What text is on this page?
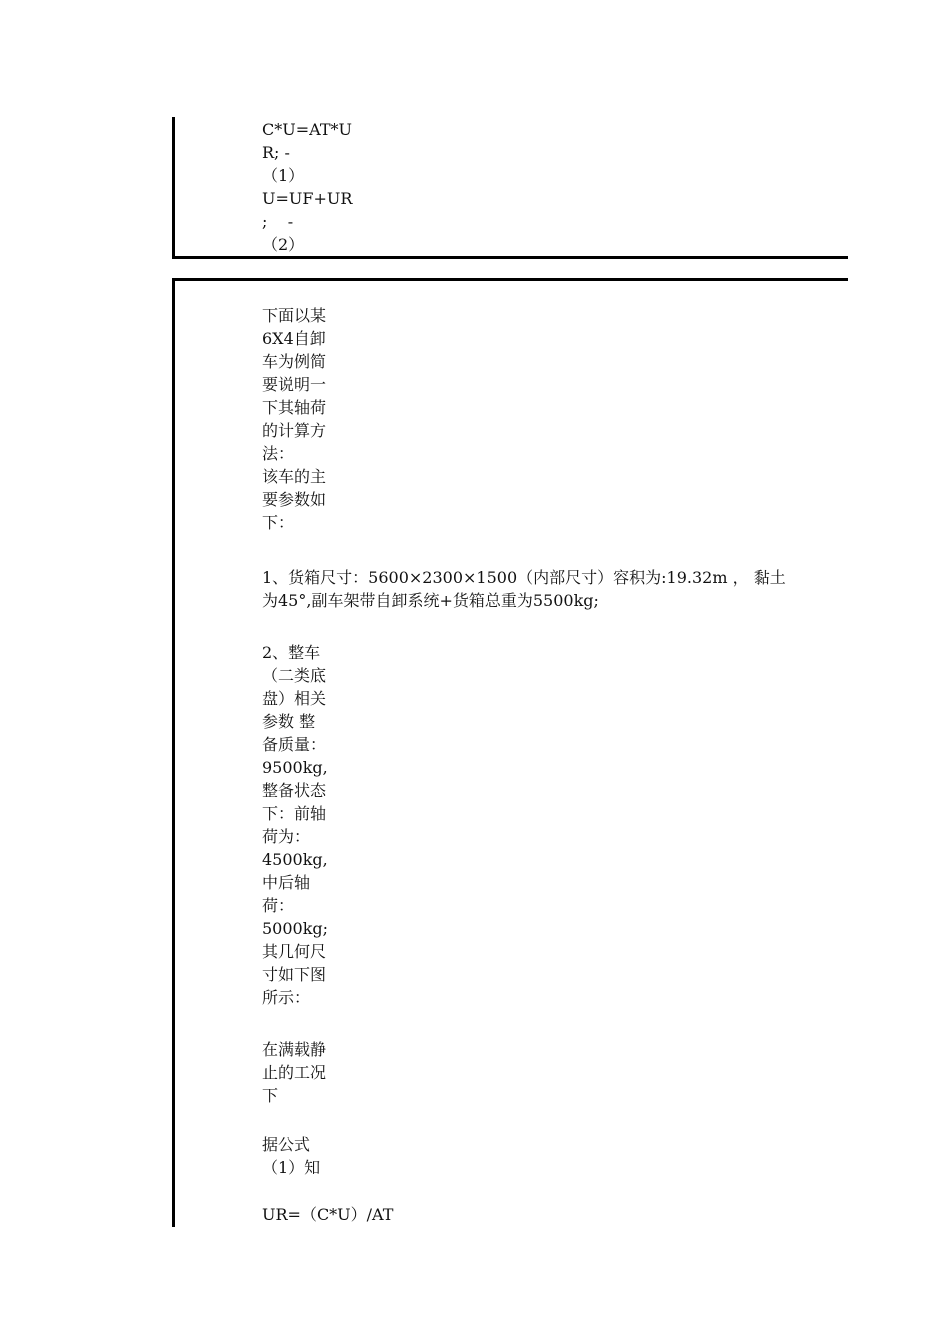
C*U=AT*U

R; -

（1）

U=UF+UR

;    -

（2）

下面以某

6X4自卸

车为例简

要说明一

下其轴荷

的计算方

法：

该车的主

要参数如

下：

1、货箱尺寸：5600×2300×1500（内部尺寸）容积为:19.32m ， 黏土

为45°,副车架带自卸系统+货箱总重为5500kg;

2、整车

（二类底

盘）相关

参数 整

备质量：

9500kg,

整备状态

下：前轴

荷为：

4500kg,

中后轴

荷：

5000kg;

其几何尺

寸如下图

所示：

在满载静

止的工况

下

据公式

（1）知

UR=（C*U）/AT
